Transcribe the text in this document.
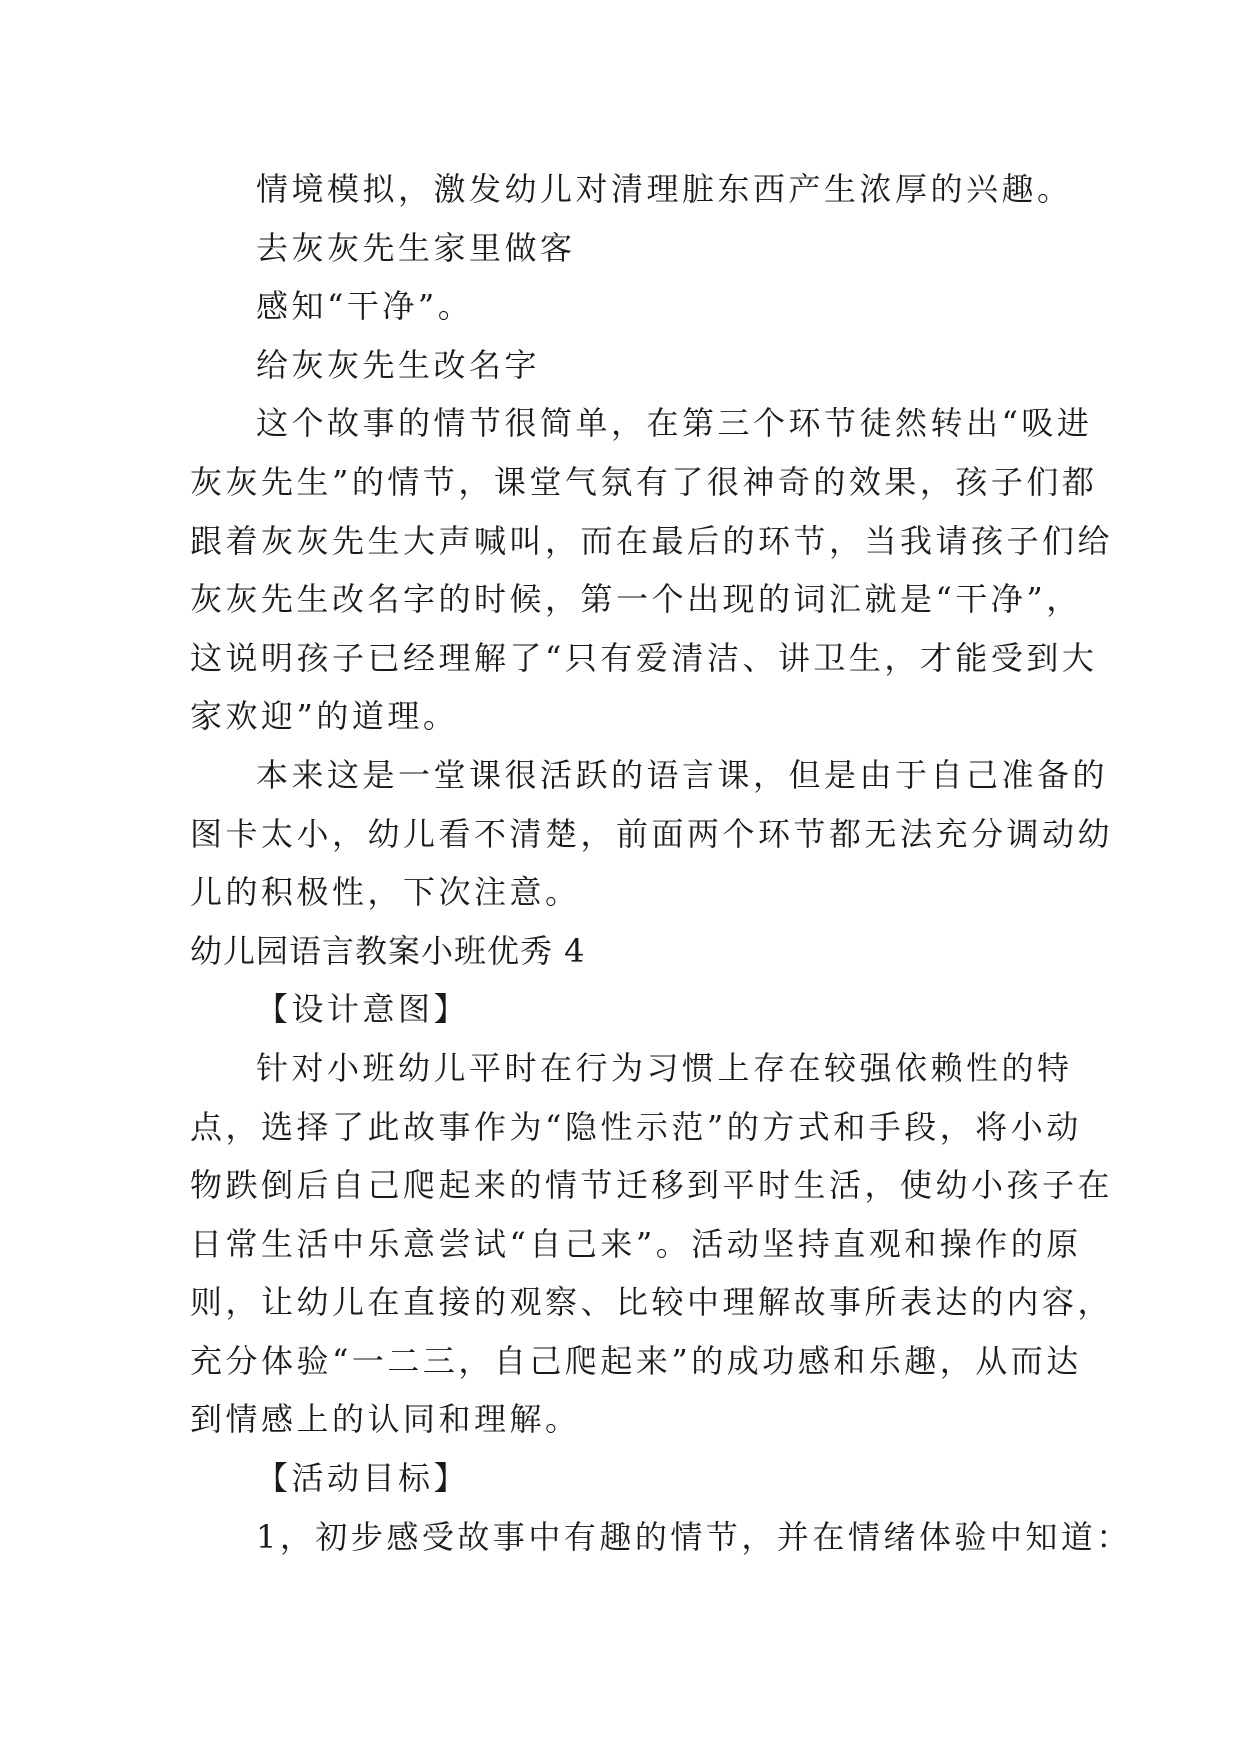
情境模拟，激发幼儿对清理脏东西产生浓厚的兴趣。
去灰灰先生家里做客
感知“干净”。
给灰灰先生改名字
这个故事的情节很简单，在第三个环节徒然转出“吸进
灰灰先生”的情节，课堂气氛有了很神奇的效果，孩子们都
跟着灰灰先生大声喊叫，而在最后的环节，当我请孩子们给
灰灰先生改名字的时候，第一个出现的词汇就是“干净”，
这说明孩子已经理解了“只有爱清洁、讲卫生，才能受到大
家欢迎”的道理。
本来这是一堂课很活跃的语言课，但是由于自己准备的
图卡太小，幼儿看不清楚，前面两个环节都无法充分调动幼
儿的积极性，下次注意。
幼儿园语言教案小班优秀 4
【设计意图】
针对小班幼儿平时在行为习惯上存在较强依赖性的特
点，选择了此故事作为“隐性示范”的方式和手段，将小动
物跌倒后自己爬起来的情节迁移到平时生活，使幼小孩子在
日常生活中乐意尝试“自己来”。活动坚持直观和操作的原
则，让幼儿在直接的观察、比较中理解故事所表达的内容，
充分体验“一二三，自己爬起来”的成功感和乐趣，从而达
到情感上的认同和理解。
【活动目标】
1，初步感受故事中有趣的情节，并在情绪体验中知道：
